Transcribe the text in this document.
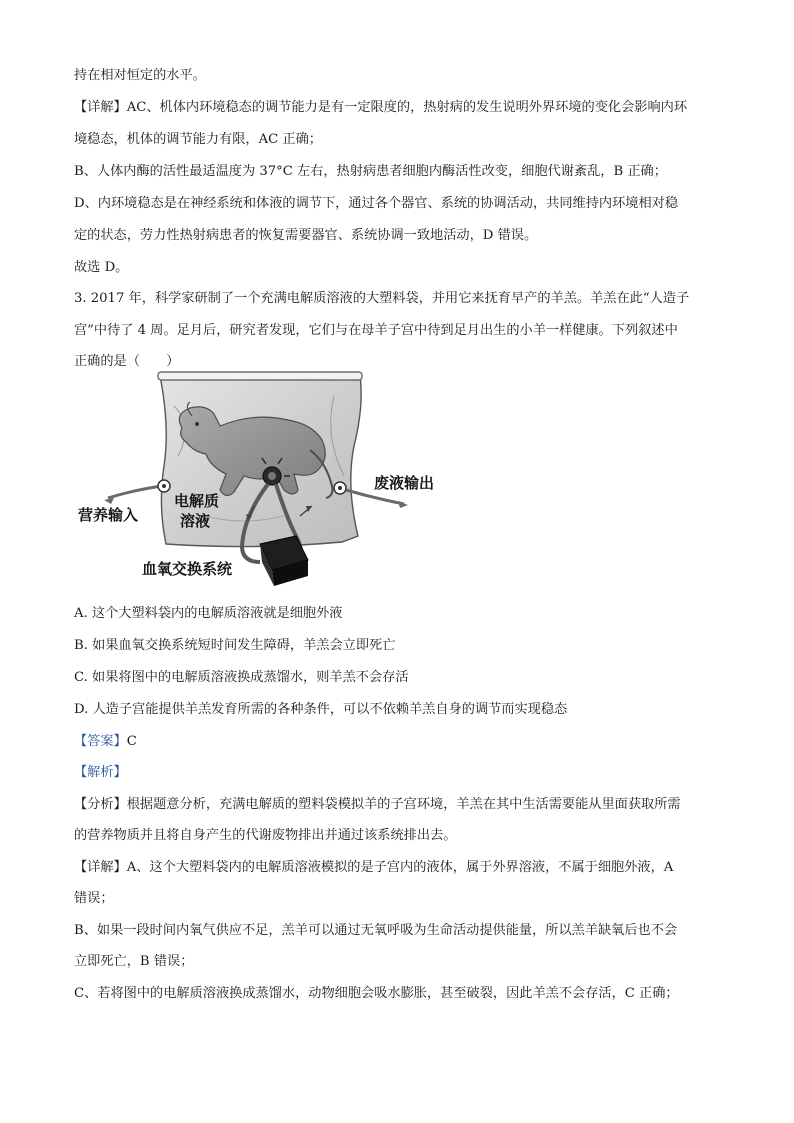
持在相对恒定的水平。
【详解】AC、机体内环境稳态的调节能力是有一定限度的，热射病的发生说明外界环境的变化会影响内环
境稳态，机体的调节能力有限，AC 正确；
B、人体内酶的活性最适温度为 37°C 左右，热射病患者细胞内酶活性改变，细胞代谢紊乱，B 正确；
D、内环境稳态是在神经系统和体液的调节下，通过各个器官、系统的协调活动，共同维持内环境相对稳
定的状态，劳力性热射病患者的恢复需要器官、系统协调一致地活动，D 错误。
故选 D。
3. 2017 年，科学家研制了一个充满电解质溶液的大塑料袋，并用它来抚育早产的羊羔。羊羔在此“人造子
宫”中待了 4 周。足月后，研究者发现，它们与在母羊子宫中待到足月出生的小羊一样健康。下列叙述中
正确的是（　　）
营养输入
电解质
溶液
废液输出
血氧交换系统
A. 这个大塑料袋内的电解质溶液就是细胞外液
B. 如果血氧交换系统短时间发生障碍，羊羔会立即死亡
C. 如果将图中的电解质溶液换成蒸馏水，则羊羔不会存活
D. 人造子宫能提供羊羔发育所需的各种条件，可以不依赖羊羔自身的调节而实现稳态
【答案】C
【解析】
【分析】根据题意分析，充满电解质的塑料袋模拟羊的子宫环境，羊羔在其中生活需要能从里面获取所需
的营养物质并且将自身产生的代谢废物排出并通过该系统排出去。
【详解】A、这个大塑料袋内的电解质溶液模拟的是子宫内的液体，属于外界溶液，不属于细胞外液，A
错误；
B、如果一段时间内氧气供应不足，羔羊可以通过无氧呼吸为生命活动提供能量，所以羔羊缺氧后也不会
立即死亡，B 错误；
C、若将图中的电解质溶液换成蒸馏水，动物细胞会吸水膨胀，甚至破裂，因此羊羔不会存活，C 正确；
